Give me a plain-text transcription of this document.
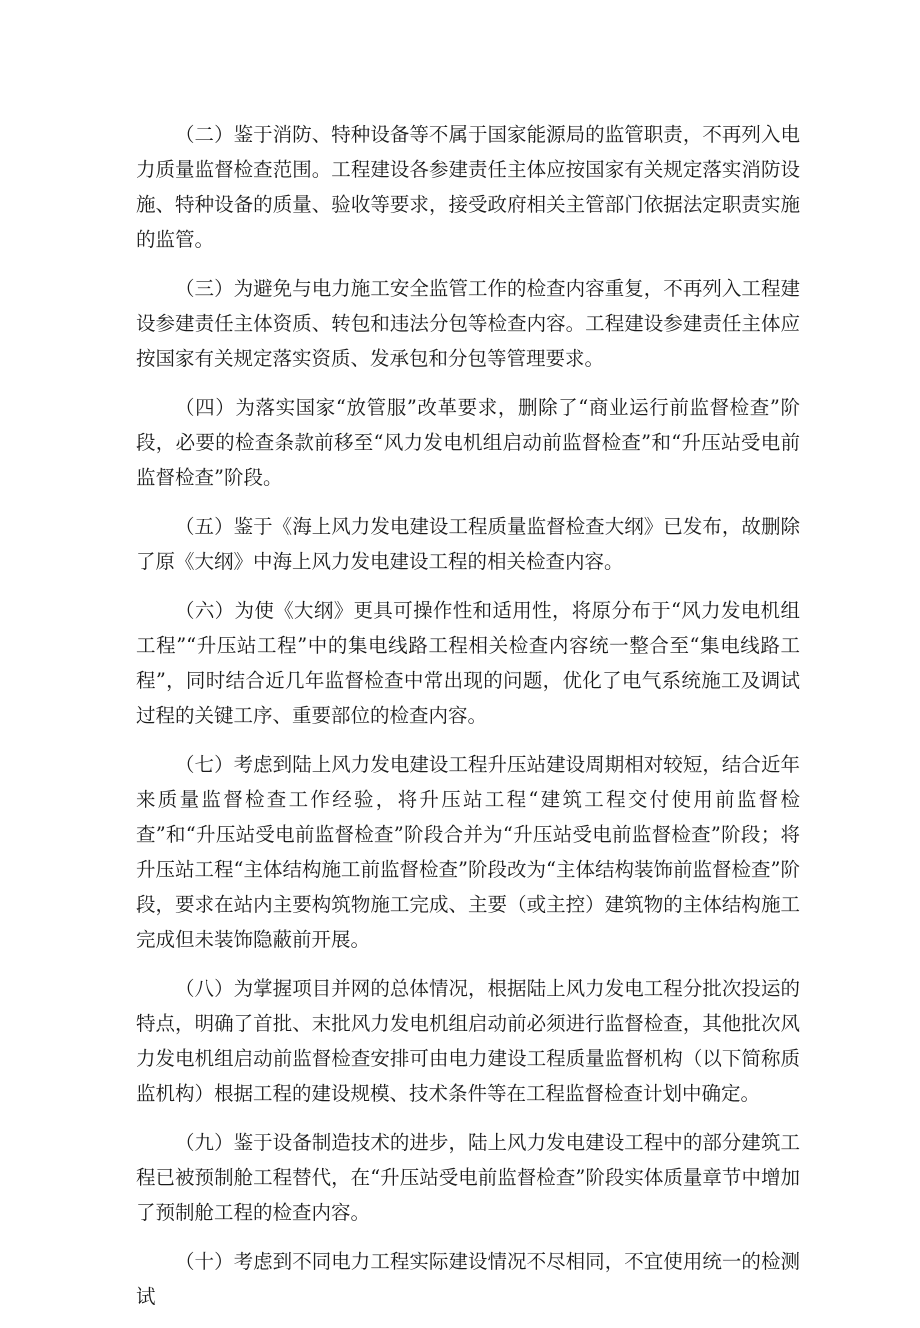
（二）鉴于消防、特种设备等不属于国家能源局的监管职责，不再列入电力质量监督检查范围。工程建设各参建责任主体应按国家有关规定落实消防设施、特种设备的质量、验收等要求，接受政府相关主管部门依据法定职责实施的监管。

（三）为避免与电力施工安全监管工作的检查内容重复，不再列入工程建设参建责任主体资质、转包和违法分包等检查内容。工程建设参建责任主体应按国家有关规定落实资质、发承包和分包等管理要求。

（四）为落实国家“放管服”改革要求，删除了“商业运行前监督检查”阶段，必要的检查条款前移至“风力发电机组启动前监督检查”和“升压站受电前监督检查”阶段。

（五）鉴于《海上风力发电建设工程质量监督检查大纲》已发布，故删除了原《大纲》中海上风力发电建设工程的相关检查内容。

（六）为使《大纲》更具可操作性和适用性，将原分布于“风力发电机组工程”“升压站工程”中的集电线路工程相关检查内容统一整合至“集电线路工程”，同时结合近几年监督检查中常出现的问题，优化了电气系统施工及调试过程的关键工序、重要部位的检查内容。

（七）考虑到陆上风力发电建设工程升压站建设周期相对较短，结合近年来质量监督检查工作经验，将升压站工程“建筑工程交付使用前监督检查”和“升压站受电前监督检查”阶段合并为“升压站受电前监督检查”阶段；将升压站工程“主体结构施工前监督检查”阶段改为“主体结构装饰前监督检查”阶段，要求在站内主要构筑物施工完成、主要（或主控）建筑物的主体结构施工完成但未装饰隐蔽前开展。

（八）为掌握项目并网的总体情况，根据陆上风力发电工程分批次投运的特点，明确了首批、末批风力发电机组启动前必须进行监督检查，其他批次风力发电机组启动前监督检查安排可由电力建设工程质量监督机构（以下简称质监机构）根据工程的建设规模、技术条件等在工程监督检查计划中确定。

（九）鉴于设备制造技术的进步，陆上风力发电建设工程中的部分建筑工程已被预制舱工程替代，在“升压站受电前监督检查”阶段实体质量章节中增加了预制舱工程的检查内容。

（十）考虑到不同电力工程实际建设情况不尽相同，不宜使用统一的检测试
